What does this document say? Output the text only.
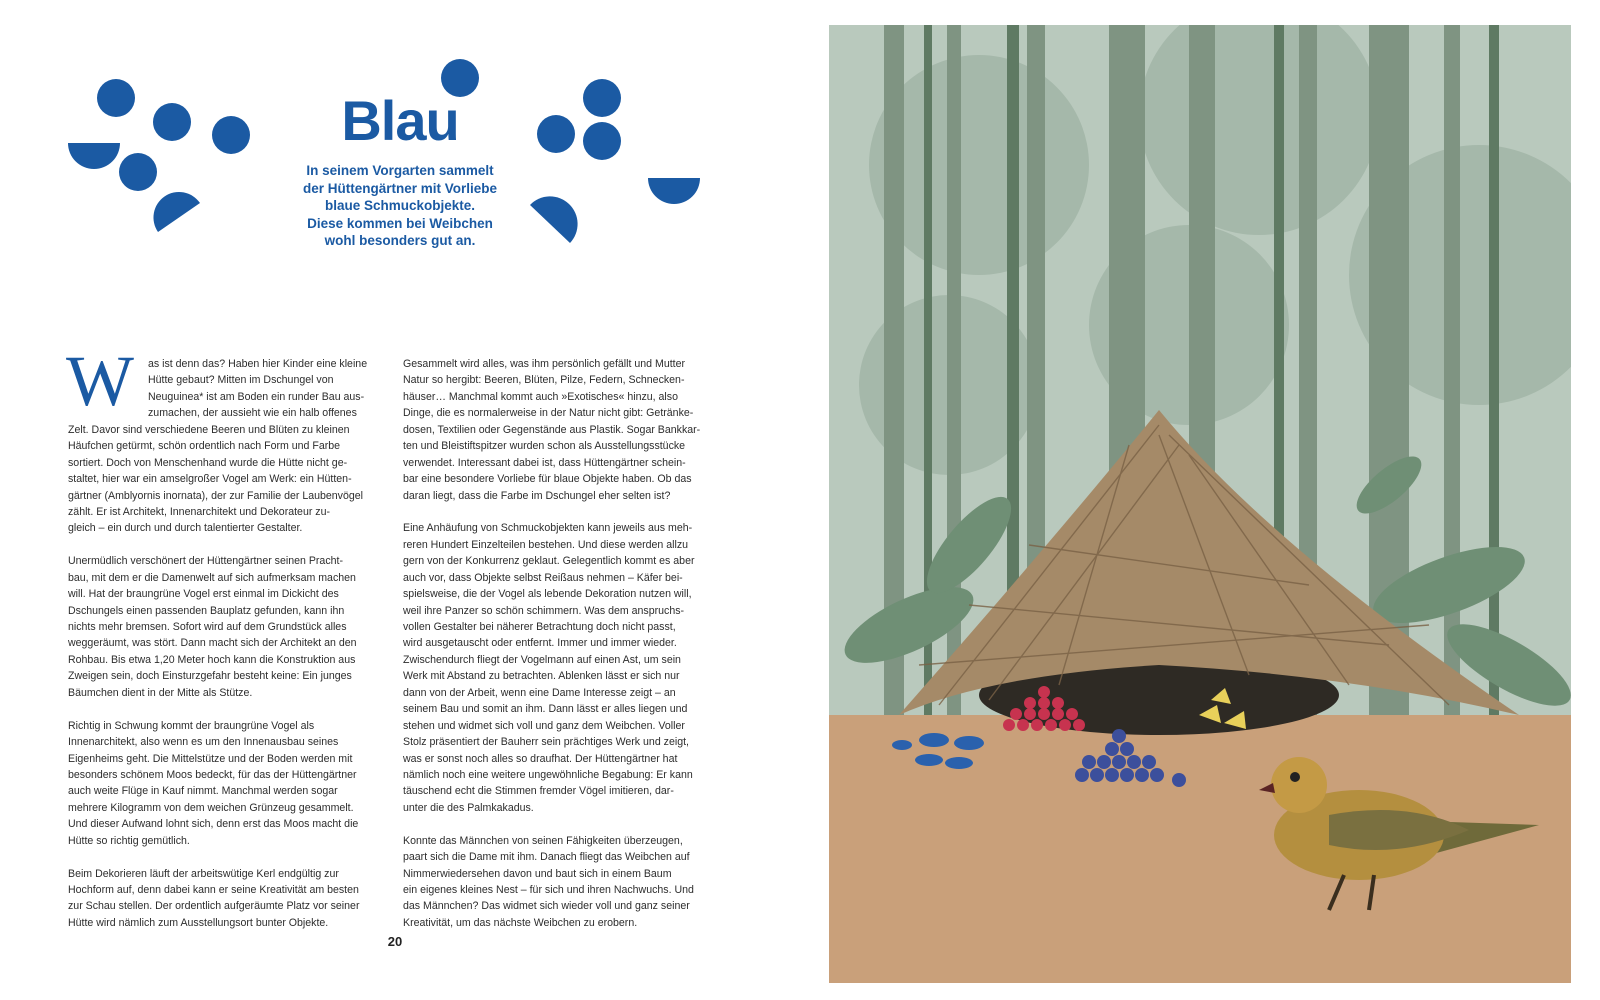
Blau
In seinem Vorgarten sammelt
der Hüttengärtner mit Vorliebe
blaue Schmuckobjekte.
Diese kommen bei Weibchen
wohl besonders gut an.
W	as ist denn das? Haben hier Kinder eine kleine
Hütte gebaut? Mitten im Dschungel von
Neuguinea* ist am Boden ein runder Bau aus-
zumachen, der aussieht wie ein halb offenes
Zelt. Davor sind verschiedene Beeren und Blüten zu kleinen
Häufchen getürmt, schön ordentlich nach Form und Farbe
sortiert. Doch von Menschenhand wurde die Hütte nicht ge-
staltet, hier war ein amselgroßer Vogel am Werk: ein Hütten-
gärtner (Amblyornis inornata), der zur Familie der Laubenvögel
zählt. Er ist Architekt, Innenarchitekt und Dekorateur zu-
gleich – ein durch und durch talentierter Gestalter.
Unermüdlich verschönert der Hüttengärtner seinen Pracht-
bau, mit dem er die Damenwelt auf sich aufmerksam machen
will. Hat der braungrüne Vogel erst einmal im Dickicht des
Dschungels einen passenden Bauplatz gefunden, kann ihn
nichts mehr bremsen. Sofort wird auf dem Grundstück alles
weggeräumt, was stört. Dann macht sich der Architekt an den
Rohbau. Bis etwa 1,20 Meter hoch kann die Konstruktion aus
Zweigen sein, doch Einsturzgefahr besteht keine: Ein junges
Bäumchen dient in der Mitte als Stütze.
Richtig in Schwung kommt der braungrüne Vogel als
Innenarchitekt, also wenn es um den Innenausbau seines
Eigenheims geht. Die Mittelstütze und der Boden werden mit
besonders schönem Moos bedeckt, für das der Hüttengärtner
auch weite Flüge in Kauf nimmt. Manchmal werden sogar
mehrere Kilogramm von dem weichen Grünzeug gesammelt.
Und dieser Aufwand lohnt sich, denn erst das Moos macht die
Hütte so richtig gemütlich.
Beim Dekorieren läuft der arbeitswütige Kerl endgültig zur
Hochform auf, denn dabei kann er seine Kreativität am besten
zur Schau stellen. Der ordentlich aufgeräumte Platz vor seiner
Hütte wird nämlich zum Ausstellungsort bunter Objekte.
Gesammelt wird alles, was ihm persönlich gefällt und Mutter
Natur so hergibt: Beeren, Blüten, Pilze, Federn, Schnecken-
häuser… Manchmal kommt auch »Exotisches« hinzu, also
Dinge, die es normalerweise in der Natur nicht gibt: Getränke-
dosen, Textilien oder Gegenstände aus Plastik. Sogar Bankkar-
ten und Bleistiftspitzer wurden schon als Ausstellungsstücke
verwendet. Interessant dabei ist, dass Hüttengärtner schein-
bar eine besondere Vorliebe für blaue Objekte haben. Ob das
daran liegt, dass die Farbe im Dschungel eher selten ist?
Eine Anhäufung von Schmuckobjekten kann jeweils aus meh-
reren Hundert Einzelteilen bestehen. Und diese werden allzu
gern von der Konkurrenz geklaut. Gelegentlich kommt es aber
auch vor, dass Objekte selbst Reißaus nehmen – Käfer bei-
spielsweise, die der Vogel als lebende Dekoration nutzen will,
weil ihre Panzer so schön schimmern. Was dem anspruchs-
vollen Gestalter bei näherer Betrachtung doch nicht passt,
wird ausgetauscht oder entfernt. Immer und immer wieder.
Zwischendurch fliegt der Vogelmann auf einen Ast, um sein
Werk mit Abstand zu betrachten. Ablenken lässt er sich nur
dann von der Arbeit, wenn eine Dame Interesse zeigt – an
seinem Bau und somit an ihm. Dann lässt er alles liegen und
stehen und widmet sich voll und ganz dem Weibchen. Voller
Stolz präsentiert der Bauherr sein prächtiges Werk und zeigt,
was er sonst noch alles so draufhat. Der Hüttengärtner hat
nämlich noch eine weitere ungewöhnliche Begabung: Er kann
täuschend echt die Stimmen fremder Vögel imitieren, dar-
unter die des Palmkakadus.
Konnte das Männchen von seinen Fähigkeiten überzeugen,
paart sich die Dame mit ihm. Danach fliegt das Weibchen auf
Nimmerwiedersehen davon und baut sich in einem Baum
ein eigenes kleines Nest – für sich und ihren Nachwuchs. Und
das Männchen? Das widmet sich wieder voll und ganz seiner
Kreativität, um das nächste Weibchen zu erobern.
20
